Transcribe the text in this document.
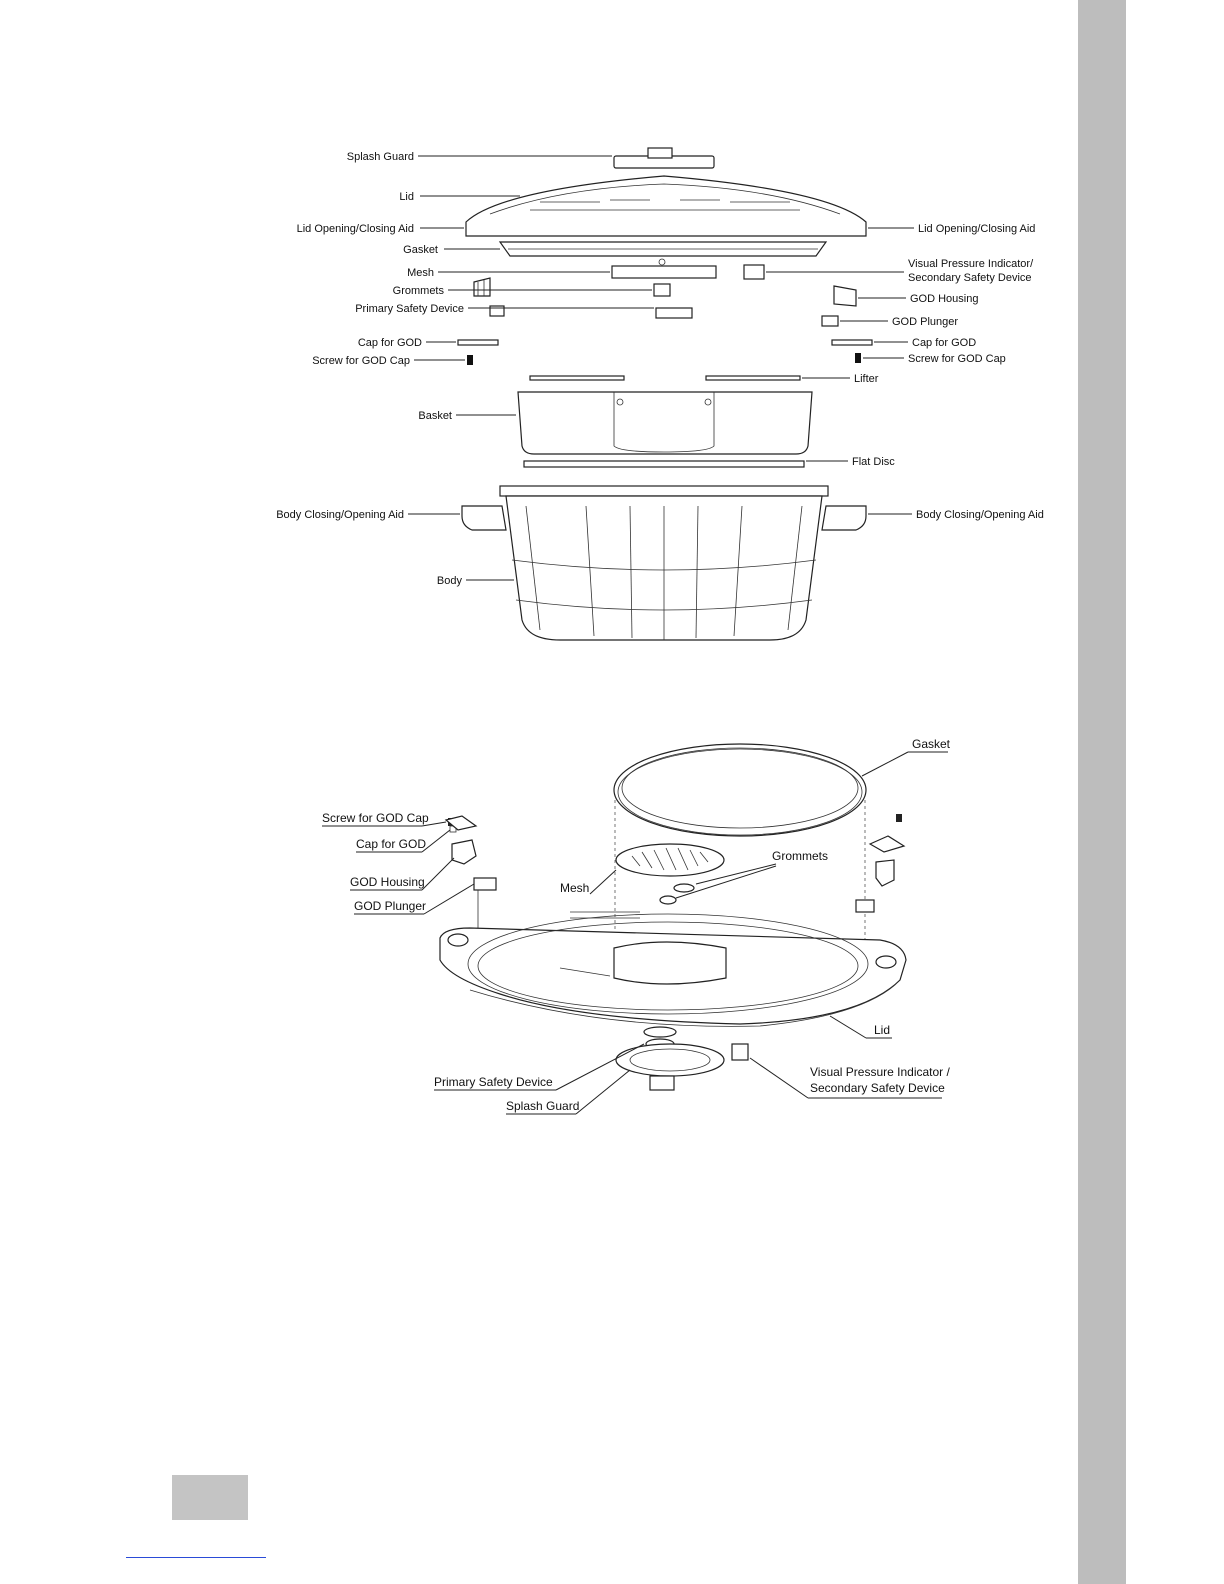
Splash Guard
Lid
Lid Opening/Closing Aid	Lid Opening/Closing Aid
Gasket
Mesh
Visual Pressure Indicator/
Secondary Safety Device
Grommets
GOD Housing
Primary Safety Device
GOD Plunger
Cap for GOD	Cap for GOD
Screw for GOD Cap	Screw for GOD Cap
Lifter
Basket
Flat Disc
Body Closing/Opening Aid	Body Closing/Opening Aid
Body
Gasket
Mesh
Grommets
Screw for GOD Cap
Cap for GOD
GOD Housing
GOD Plunger
Lid
Primary Safety Device
Splash Guard
Visual Pressure Indicator /
Secondary Safety Device
